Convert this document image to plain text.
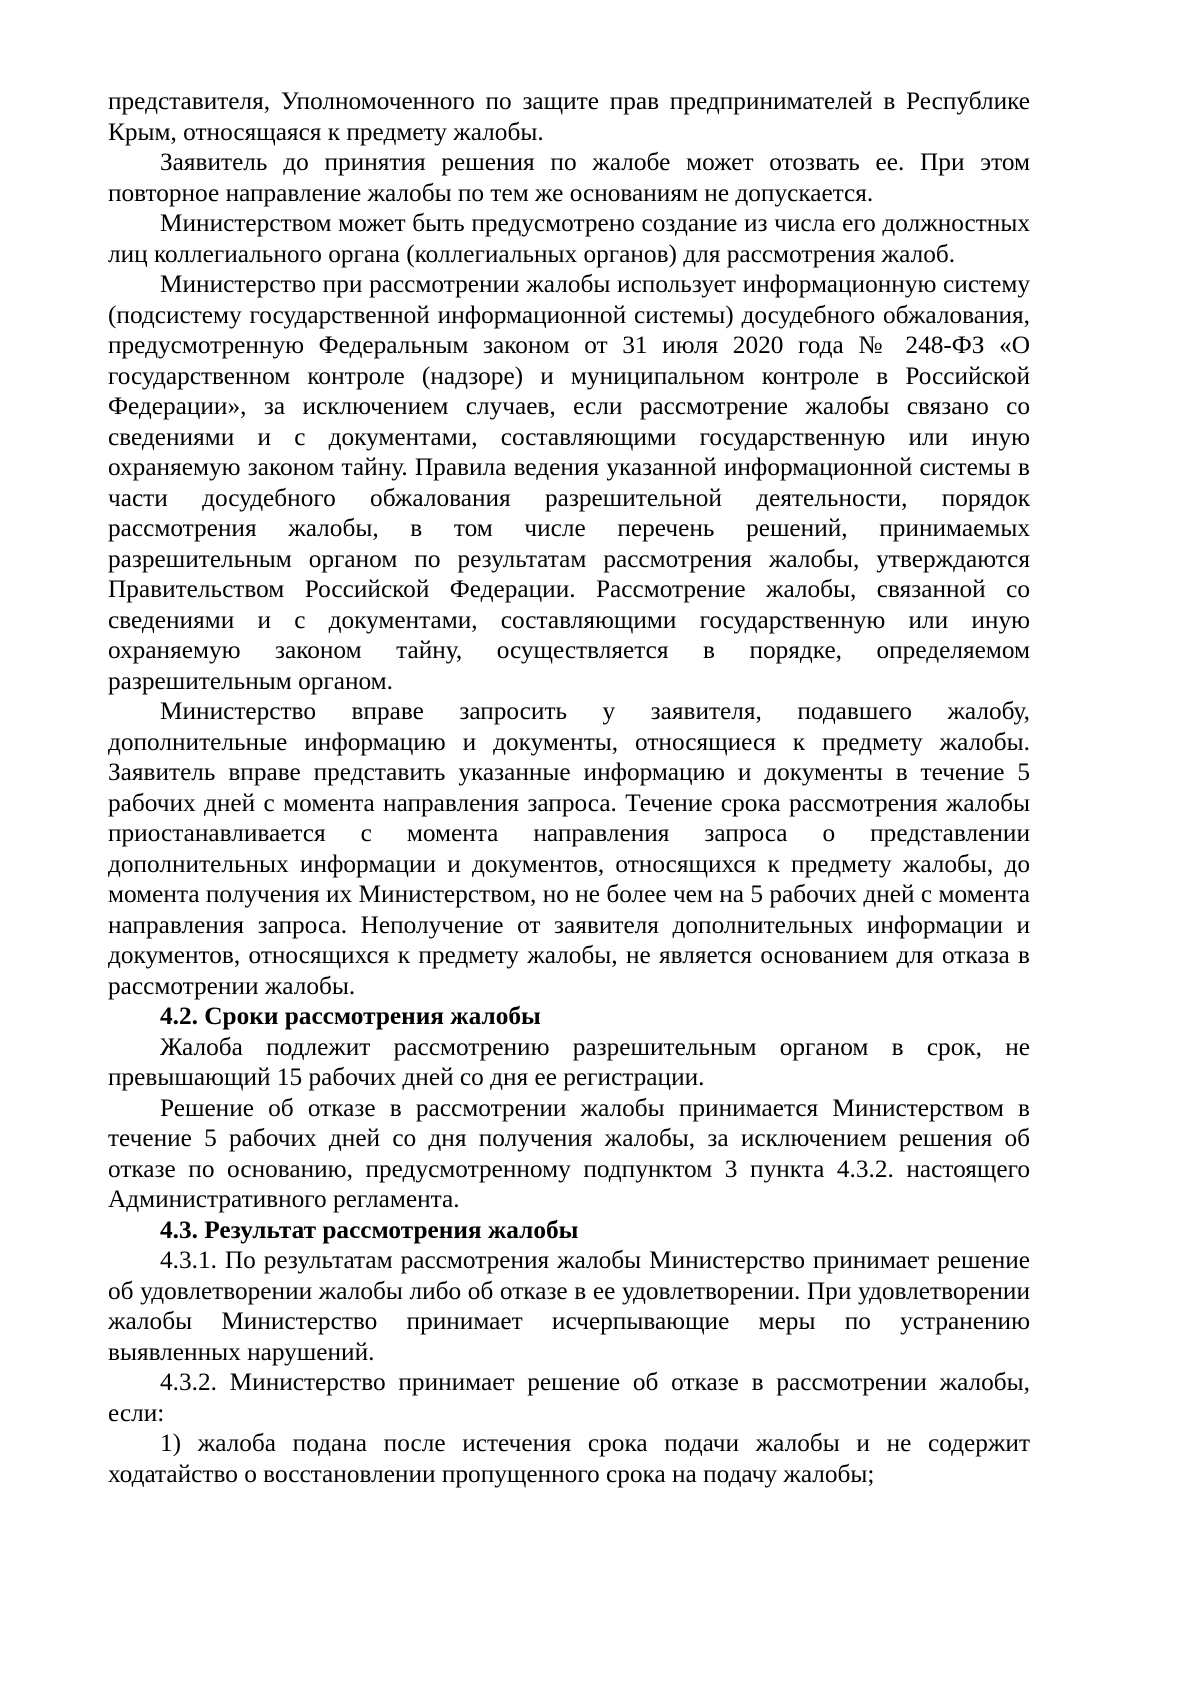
представителя, Уполномоченного по защите прав предпринимателей в Республике Крым, относящаяся к предмету жалобы.

Заявитель до принятия решения по жалобе может отозвать ее. При этом повторное направление жалобы по тем же основаниям не допускается.

Министерством может быть предусмотрено создание из числа его должностных лиц коллегиального органа (коллегиальных органов) для рассмотрения жалоб.

Министерство при рассмотрении жалобы использует информационную систему (подсистему государственной информационной системы) досудебного обжалования, предусмотренную Федеральным законом от 31 июля 2020 года № 248-ФЗ «О государственном контроле (надзоре) и муниципальном контроле в Российской Федерации», за исключением случаев, если рассмотрение жалобы связано со сведениями и с документами, составляющими государственную или иную охраняемую законом тайну. Правила ведения указанной информационной системы в части досудебного обжалования разрешительной деятельности, порядок рассмотрения жалобы, в том числе перечень решений, принимаемых разрешительным органом по результатам рассмотрения жалобы, утверждаются Правительством Российской Федерации. Рассмотрение жалобы, связанной со сведениями и с документами, составляющими государственную или иную охраняемую законом тайну, осуществляется в порядке, определяемом разрешительным органом.

Министерство вправе запросить у заявителя, подавшего жалобу, дополнительные информацию и документы, относящиеся к предмету жалобы. Заявитель вправе представить указанные информацию и документы в течение 5 рабочих дней с момента направления запроса. Течение срока рассмотрения жалобы приостанавливается с момента направления запроса о представлении дополнительных информации и документов, относящихся к предмету жалобы, до момента получения их Министерством, но не более чем на 5 рабочих дней с момента направления запроса. Неполучение от заявителя дополнительных информации и документов, относящихся к предмету жалобы, не является основанием для отказа в рассмотрении жалобы.

4.2. Сроки рассмотрения жалобы

Жалоба подлежит рассмотрению разрешительным органом в срок, не превышающий 15 рабочих дней со дня ее регистрации.

Решение об отказе в рассмотрении жалобы принимается Министерством в течение 5 рабочих дней со дня получения жалобы, за исключением решения об отказе по основанию, предусмотренному подпунктом 3 пункта 4.3.2. настоящего Административного регламента.

4.3. Результат рассмотрения жалобы

4.3.1. По результатам рассмотрения жалобы Министерство принимает решение об удовлетворении жалобы либо об отказе в ее удовлетворении. При удовлетворении жалобы Министерство принимает исчерпывающие меры по устранению выявленных нарушений.

4.3.2. Министерство принимает решение об отказе в рассмотрении жалобы, если:

1) жалоба подана после истечения срока подачи жалобы и не содержит ходатайство о восстановлении пропущенного срока на подачу жалобы;
